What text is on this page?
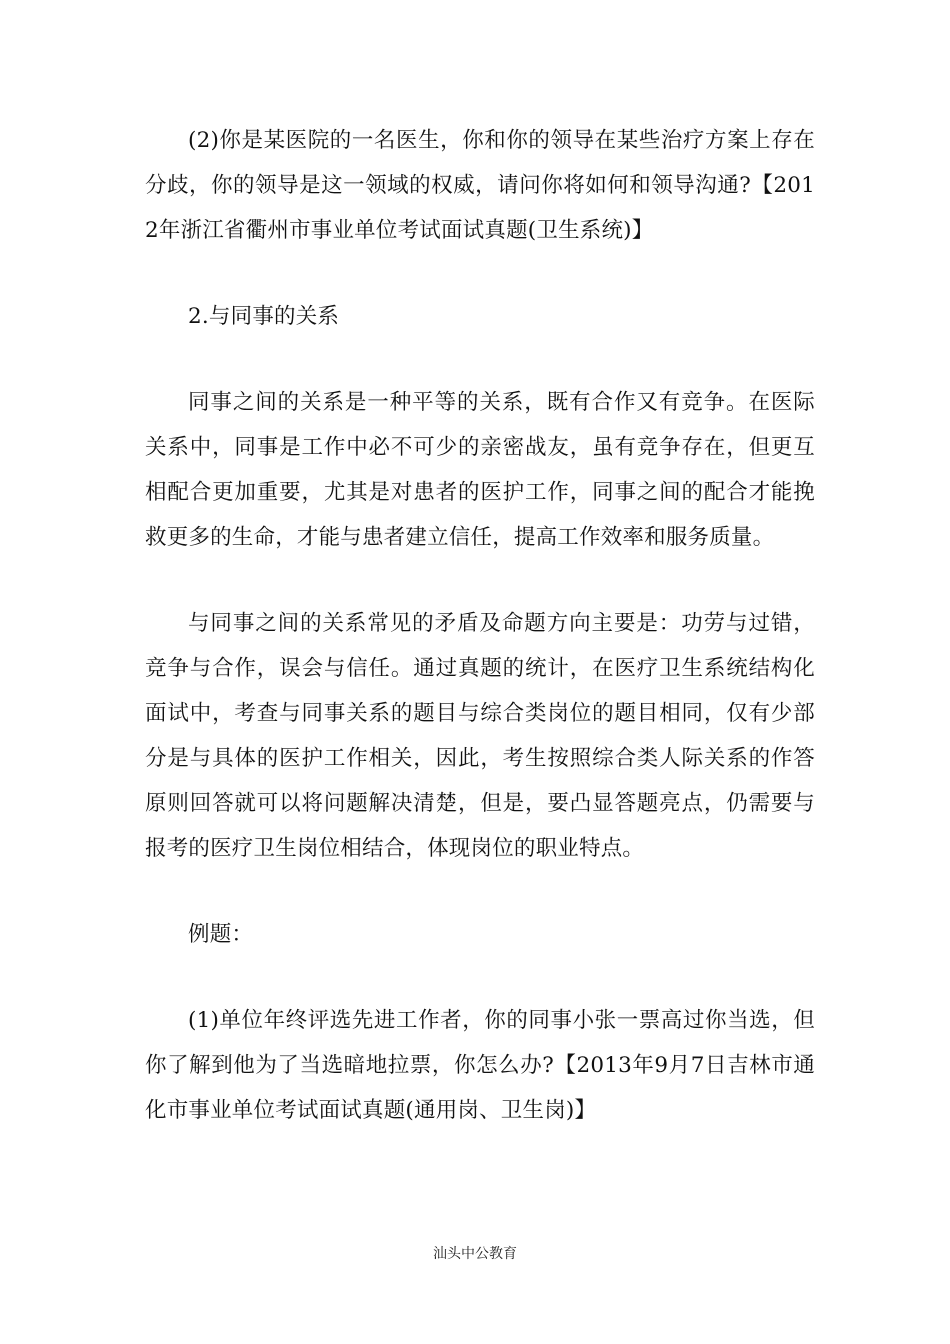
(2)你是某医院的一名医生，你和你的领导在某些治疗方案上存在分歧，你的领导是这一领域的权威，请问你将如何和领导沟通?【2012年浙江省衢州市事业单位考试面试真题(卫生系统)】

2.与同事的关系

同事之间的关系是一种平等的关系，既有合作又有竞争。在医际关系中，同事是工作中必不可少的亲密战友，虽有竞争存在，但更互相配合更加重要，尤其是对患者的医护工作，同事之间的配合才能挽救更多的生命，才能与患者建立信任，提高工作效率和服务质量。

与同事之间的关系常见的矛盾及命题方向主要是：功劳与过错，竞争与合作，误会与信任。通过真题的统计，在医疗卫生系统结构化面试中，考查与同事关系的题目与综合类岗位的题目相同，仅有少部分是与具体的医护工作相关，因此，考生按照综合类人际关系的作答原则回答就可以将问题解决清楚，但是，要凸显答题亮点，仍需要与报考的医疗卫生岗位相结合，体现岗位的职业特点。

例题：

(1)单位年终评选先进工作者，你的同事小张一票高过你当选，但你了解到他为了当选暗地拉票，你怎么办?【2013年9月7日吉林市通化市事业单位考试面试真题(通用岗、卫生岗)】

汕头中公教育
